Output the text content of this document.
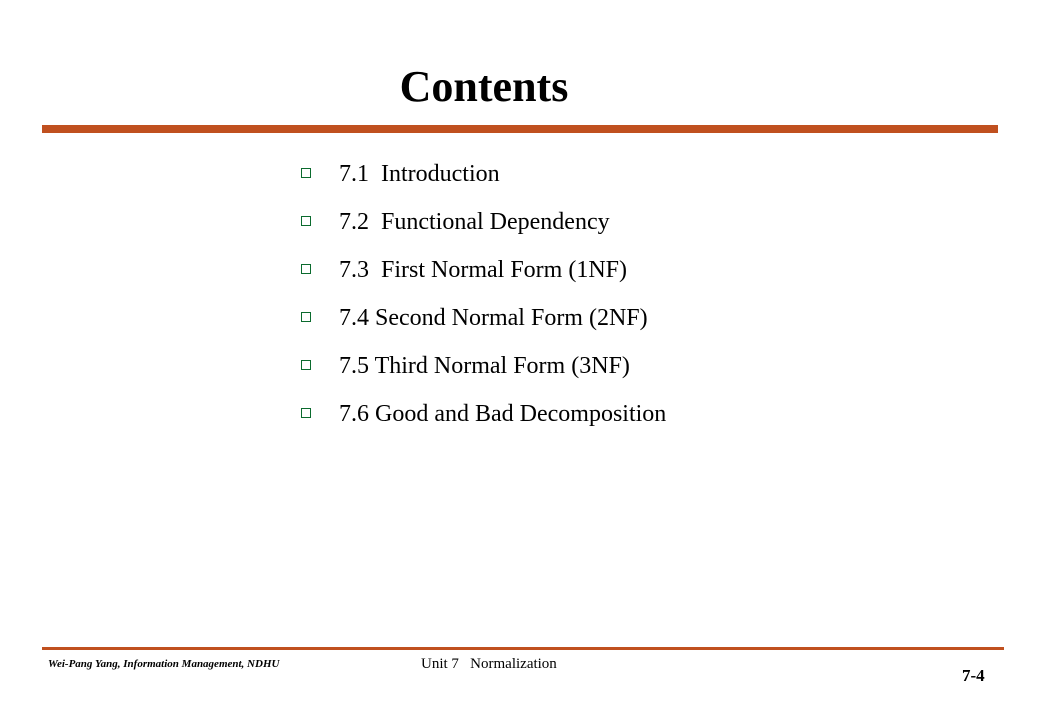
Contents
7.1  Introduction
7.2  Functional Dependency
7.3  First Normal Form (1NF)
7.4 Second Normal Form (2NF)
7.5 Third Normal Form (3NF)
7.6 Good and Bad Decomposition
Wei-Pang Yang, Information Management, NDHU	Unit 7   Normalization
7-4
